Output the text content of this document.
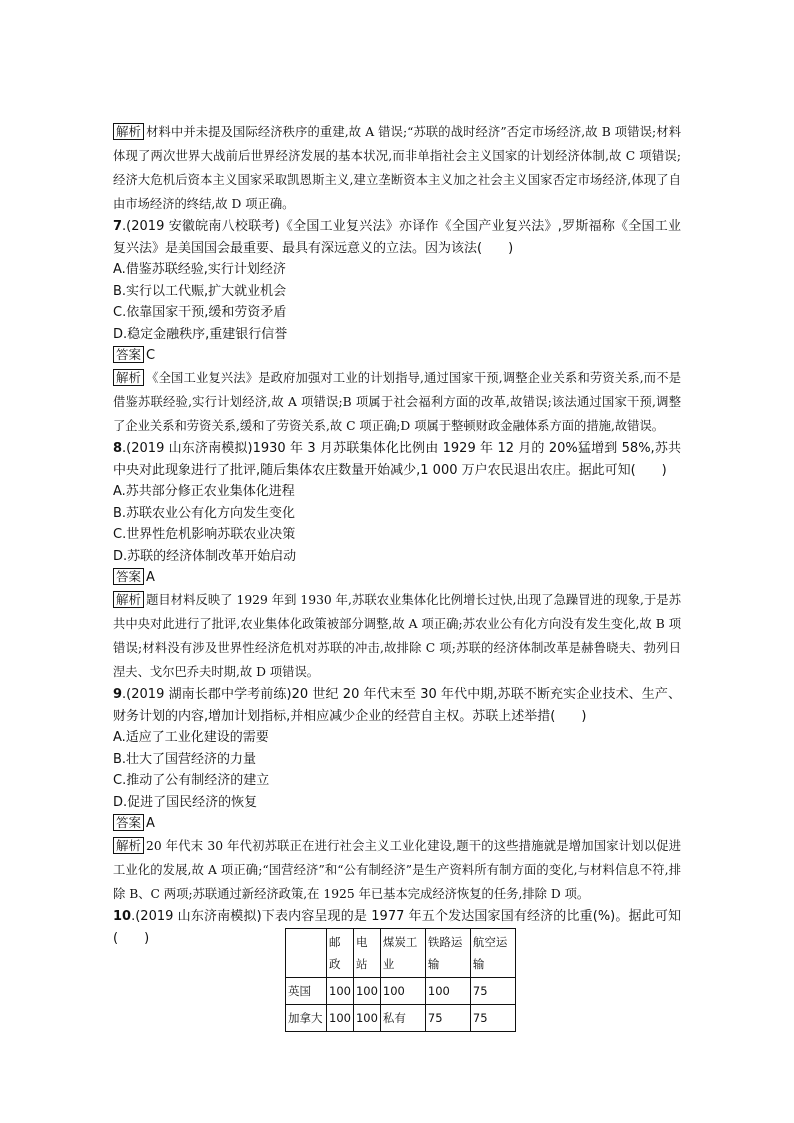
解析 材料中并未提及国际经济秩序的重建,故 A 错误;“苏联的战时经济”否定市场经济,故 B 项错误;材料体现了两次世界大战前后世界经济发展的基本状况,而非单指社会主义国家的计划经济体制,故 C 项错误;经济大危机后资本主义国家采取凯恩斯主义,建立垄断资本主义加之社会主义国家否定市场经济,体现了自由市场经济的终结,故 D 项正确。

7.(2019 安徽皖南八校联考)《全国工业复兴法》亦译作《全国产业复兴法》,罗斯福称《全国工业复兴法》是美国国会最重要、最具有深远意义的立法。因为该法(　　)

A.借鉴苏联经验,实行计划经济

B.实行以工代赈,扩大就业机会

C.依靠国家干预,缓和劳资矛盾

D.稳定金融秩序,重建银行信誉

答案 C

解析 《全国工业复兴法》是政府加强对工业的计划指导,通过国家干预,调整企业关系和劳资关系,而不是借鉴苏联经验,实行计划经济,故 A 项错误;B 项属于社会福利方面的改革,故错误;该法通过国家干预,调整了企业关系和劳资关系,缓和了劳资关系,故 C 项正确;D 项属于整顿财政金融体系方面的措施,故错误。

8.(2019 山东济南模拟)1930 年 3 月苏联集体化比例由 1929 年 12 月的 20%猛增到 58%,苏共中央对此现象进行了批评,随后集体农庄数量开始减少,1 000 万户农民退出农庄。据此可知(　　)

A.苏共部分修正农业集体化进程

B.苏联农业公有化方向发生变化

C.世界性危机影响苏联农业决策

D.苏联的经济体制改革开始启动

答案 A

解析 题目材料反映了 1929 年到 1930 年,苏联农业集体化比例增长过快,出现了急躁冒进的现象,于是苏共中央对此进行了批评,农业集体化政策被部分调整,故 A 项正确;苏农业公有化方向没有发生变化,故 B 项错误;材料没有涉及世界性经济危机对苏联的冲击,故排除 C 项;苏联的经济体制改革是赫鲁晓夫、勃列日涅夫、戈尔巴乔夫时期,故 D 项错误。

9.(2019 湖南长郡中学考前练)20 世纪 20 年代末至 30 年代中期,苏联不断充实企业技术、生产、财务计划的内容,增加计划指标,并相应减少企业的经营自主权。苏联上述举措(　　)

A.适应了工业化建设的需要

B.壮大了国营经济的力量

C.推动了公有制经济的建立

D.促进了国民经济的恢复

答案 A

解析 20 年代末 30 年代初苏联正在进行社会主义工业化建设,题干的这些措施就是增加国家计划以促进工业化的发展,故 A 项正确;“国营经济”和“公有制经济”是生产资料所有制方面的变化,与材料信息不符,排除 B、C 两项;苏联通过新经济政策,在 1925 年已基本完成经济恢复的任务,排除 D 项。

10.(2019 山东济南模拟)下表内容呈现的是 1977 年五个发达国家国有经济的比重(%)。据此可知(　　)

		邮政	电站	煤炭工业	铁路运输	航空运输
英国	100	100	100	100	75
加拿大	100	100	私有	75	75
